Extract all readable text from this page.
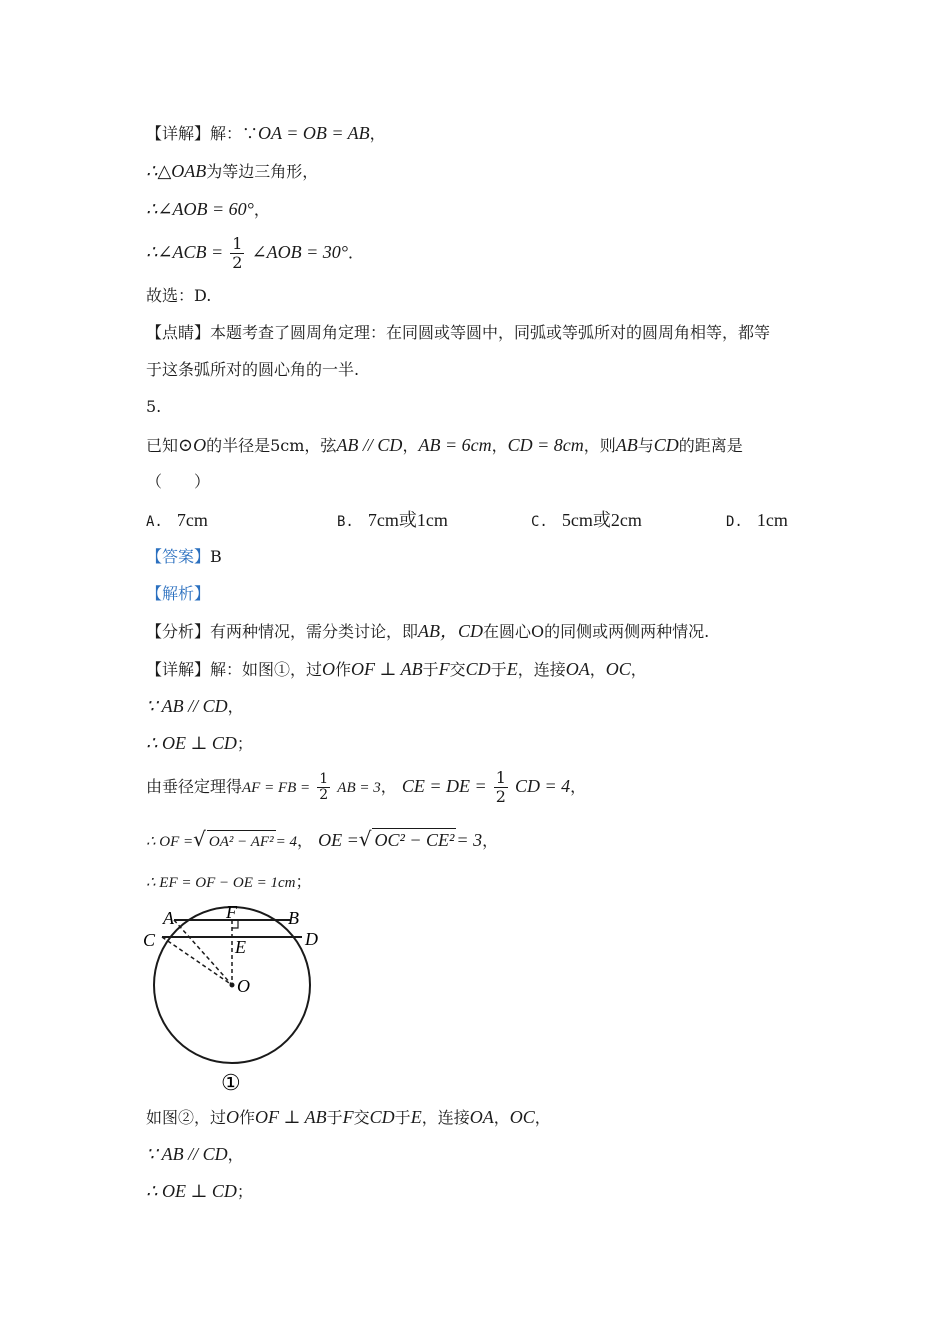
【详解】解：∵OA = OB = AB，
∴△OAB为等边三角形，
∴∠AOB = 60°，
∴∠ACB = $\frac{1}{2}$ ∠AOB = 30°．
故选：D.
【点睛】本题考查了圆周角定理：在同圆或等圆中，同弧或等弧所对的圆周角相等，都等
于这条弧所对的圆心角的一半.
5.
已知⊙O的半径是5cm，弦AB // CD，AB = 6cm，CD = 8cm，则AB与CD的距离是
（　　）
A. 7cm	B. 7cm或1cm	C. 5cm或2cm	D. 1cm
【答案】B
【解析】
【分析】有两种情况，需分类讨论，即AB，CD在圆心O的同侧或两侧两种情况.
【详解】解：如图①，过O作OF ⊥ AB于F交CD于E，连接OA，OC，
∵ AB // CD，
∴ OE ⊥ CD；
由垂径定理得AF = FB = $\frac{1}{2}$ AB = 3， CE = DE = $\frac{1}{2}$ CD = 4，
∴ OF =√ OA² − AF² = 4， OE =√ OC² − CE² = 3，
∴ EF = OF − OE = 1cm；
A	F	B
C	D
E
O
①
如图②，过O作OF ⊥ AB于F交CD于E，连接OA，OC，
∵ AB // CD，
∴ OE ⊥ CD；
